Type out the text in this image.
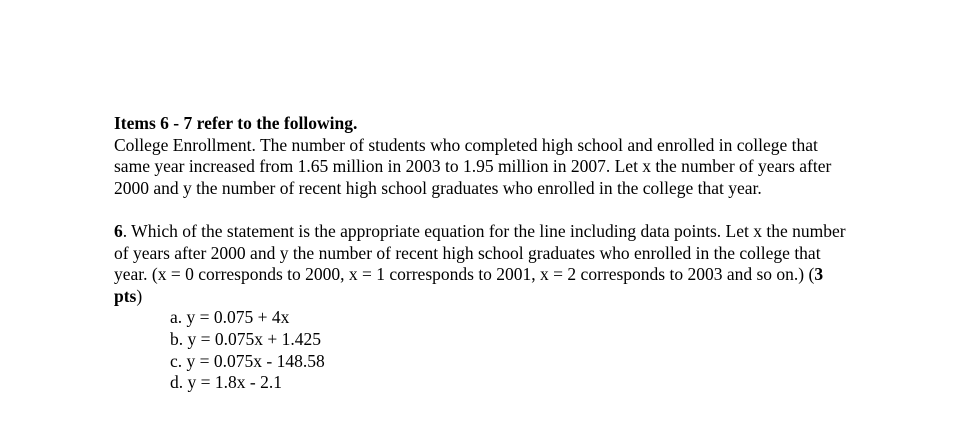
Items 6 - 7 refer to the following.

College Enrollment. The number of students who completed high school and enrolled in college that same year increased from 1.65 million in 2003 to 1.95 million in 2007. Let x the number of years after 2000 and y the number of recent high school graduates who enrolled in the college that year.

6. Which of the statement is the appropriate equation for the line including data points. Let x the number of years after 2000 and y the number of recent high school graduates who enrolled in the college that year. (x = 0 corresponds to 2000, x = 1 corresponds to 2001, x = 2 corresponds to 2003 and so on.) (3 pts)

a. y = 0.075 + 4x
b. y = 0.075x + 1.425
c. y = 0.075x - 148.58
d. y = 1.8x - 2.1
